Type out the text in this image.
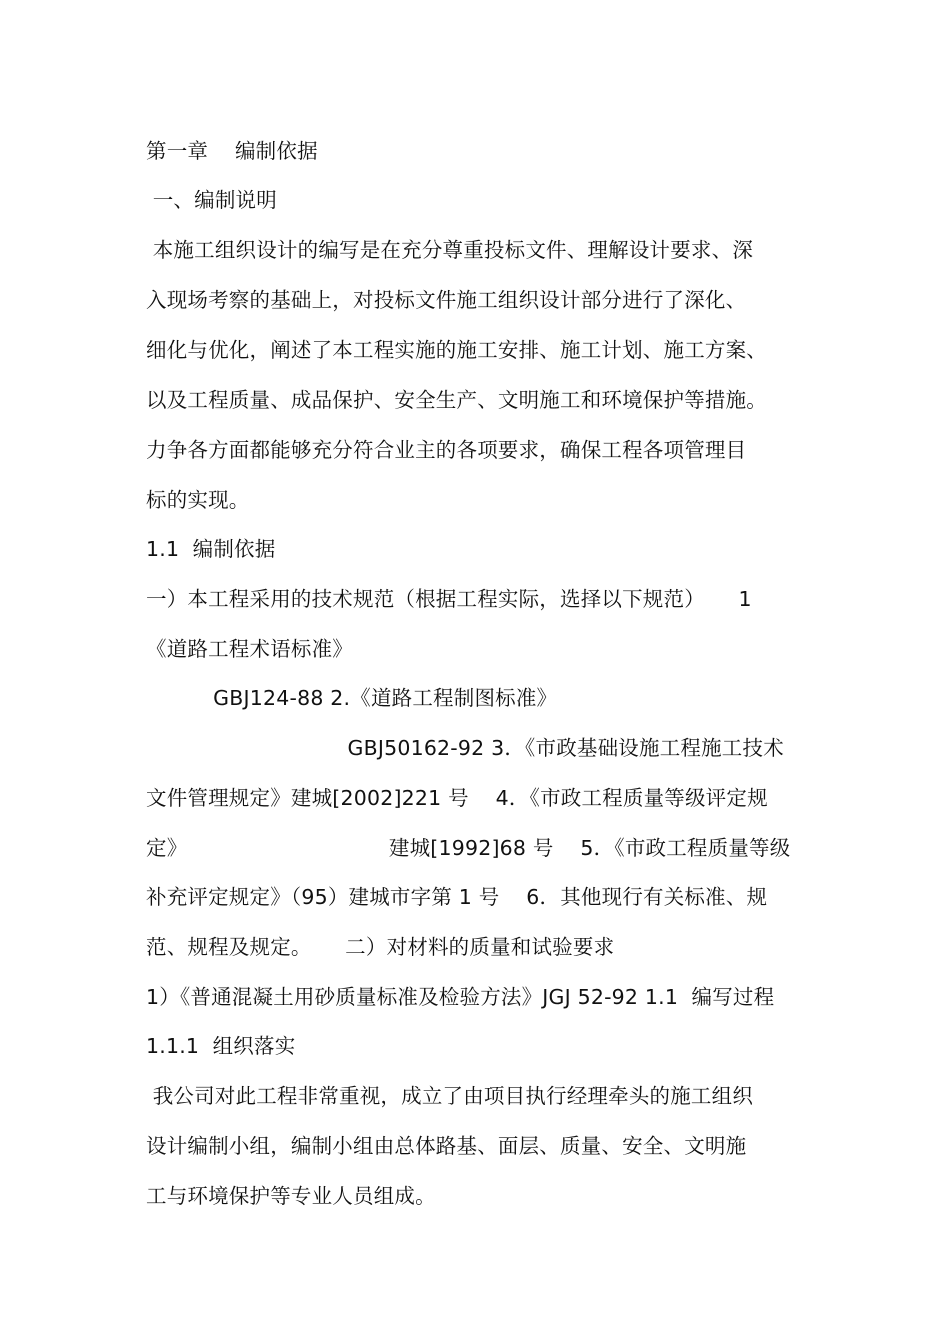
第一章    编制依据
一、编制说明
本施工组织设计的编写是在充分尊重投标文件、理解设计要求、深
入现场考察的基础上，对投标文件施工组织设计部分进行了深化、
细化与优化，阐述了本工程实施的施工安排、施工计划、施工方案、
以及工程质量、成品保护、安全生产、文明施工和环境保护等措施。
力争各方面都能够充分符合业主的各项要求，确保工程各项管理目
标的实现。
1.1  编制依据
一）本工程采用的技术规范（根据工程实际，选择以下规范）     1
《道路工程术语标准》
GBJ124-88 2.《道路工程制图标准》
GBJ50162-92 3．《市政基础设施工程施工技术
文件管理规定》建城[2002]221 号    4．《市政工程质量等级评定规
定》                              建城[1992]68 号    5．《市政工程质量等级
补充评定规定》（95）建城市字第 1 号    6．其他现行有关标准、规
范、规程及规定。     二）对材料的质量和试验要求
1）《普通混凝土用砂质量标准及检验方法》JGJ 52-92 1.1  编写过程
1.1.1  组织落实
我公司对此工程非常重视，成立了由项目执行经理牵头的施工组织
设计编制小组，编制小组由总体路基、面层、质量、安全、文明施
工与环境保护等专业人员组成。
